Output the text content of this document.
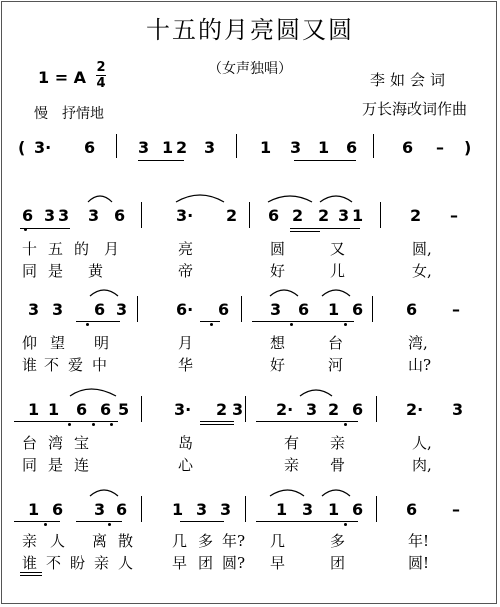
十五的月亮圆又圆
（女声独唱）
1 = A $\frac{2}{4}$
慢　抒情地
李如会词
万长海改词作曲
( 3· 6	3 1 2 3	1 3 1 6	6 – )
6 3 3 3 6	3· 2 6 2 2 3 1	2 –
十 五 的 月	亮	圆	又	圆,
同 是 黄	帝	好	儿	女,
3 3 6 3	6· 6	3 6 1 6	6 –
仰 望 明	月	想	台	湾,
谁 不 爱 中	华	好	河	山?
1 1 6 6 5	3· 2 3 2· 3 2 6	2· 3
台 湾 宝	岛	有 亲	人,
同 是 连	心	亲 骨	肉,
1 6 3 6	1 3 3	1 3 1 6	6 –
亲 人 离 散	几 多 年? 几	多	年!
谁 不 盼 亲 人	早 团 圆? 早	团	圆!
